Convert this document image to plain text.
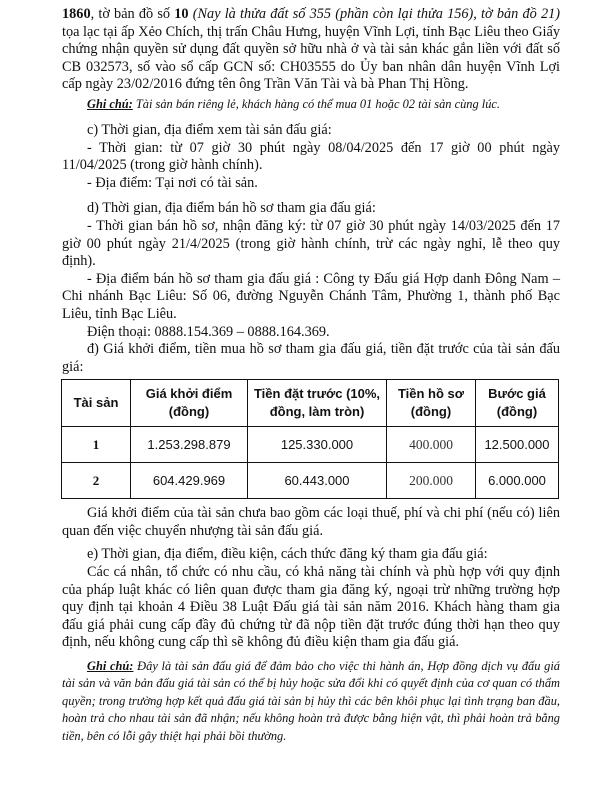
1860, tờ bản đồ số 10 (Nay là thửa đất số 355 (phần còn lại thửa 156), tờ bản đồ 21) tọa lạc tại ấp Xẻo Chích, thị trấn Châu Hưng, huyện Vĩnh Lợi, tỉnh Bạc Liêu theo Giấy chứng nhận quyền sử dụng đất quyền sở hữu nhà ở và tài sản khác gắn liền với đất số CB 032573, số vào sổ cấp GCN số: CH03555 do Ủy ban nhân dân huyện Vĩnh Lợi cấp ngày 23/02/2016 đứng tên ông Trần Văn Tài và bà Phan Thị Hồng.

Ghi chú: Tài sản bán riêng lẻ, khách hàng có thể mua 01 hoặc 02 tài sản cùng lúc.

c) Thời gian, địa điểm xem tài sản đấu giá:

- Thời gian: từ 07 giờ 30 phút ngày 08/04/2025 đến 17 giờ 00 phút ngày 11/04/2025 (trong giờ hành chính).

- Địa điểm: Tại nơi có tài sản.

d) Thời gian, địa điểm bán hồ sơ tham gia đấu giá:

- Thời gian bán hồ sơ, nhận đăng ký: từ 07 giờ 30 phút ngày 14/03/2025 đến 17 giờ 00 phút ngày 21/4/2025 (trong giờ hành chính, trừ các ngày nghỉ, lễ theo quy định).

- Địa điểm bán hồ sơ tham gia đấu giá : Công ty Đấu giá Hợp danh Đông Nam – Chi nhánh Bạc Liêu: Số 06, đường Nguyễn Chánh Tâm, Phường 1, thành phố Bạc Liêu, tỉnh Bạc Liêu.

Điện thoại: 0888.154.369 – 0888.164.369.

đ) Giá khởi điểm, tiền mua hồ sơ tham gia đấu giá, tiền đặt trước của tài sản đấu giá:

Tài sản	Giá khởi điểm (đồng)	Tiền đặt trước (10%, đồng, làm tròn)	Tiền hồ sơ (đồng)	Bước giá (đồng)
1	1.253.298.879	125.330.000	400.000	12.500.000
2	604.429.969	60.443.000	200.000	6.000.000

Giá khởi điểm của tài sản chưa bao gồm các loại thuế, phí và chi phí (nếu có) liên quan đến việc chuyển nhượng tài sản đấu giá.

e) Thời gian, địa điểm, điều kiện, cách thức đăng ký tham gia đấu giá:

Các cá nhân, tổ chức có nhu cầu, có khả năng tài chính và phù hợp với quy định của pháp luật khác có liên quan được tham gia đăng ký, ngoại trừ những trường hợp quy định tại khoản 4 Điều 38 Luật Đấu giá tài sản năm 2016. Khách hàng tham gia đấu giá phải cung cấp đầy đủ chứng từ đã nộp tiền đặt trước đúng thời hạn theo quy định, nếu không cung cấp thì sẽ không đủ điều kiện tham gia đấu giá.

Ghi chú: Đây là tài sản đấu giá để đảm bảo cho việc thi hành án, Hợp đồng dịch vụ đấu giá tài sản và văn bản đấu giá tài sản có thể bị hủy hoặc sửa đổi khi có quyết định của cơ quan có thẩm quyền; trong trường hợp kết quả đấu giá tài sản bị hủy thì các bên khôi phục lại tình trạng ban đầu, hoàn trả cho nhau tài sản đã nhận; nếu không hoàn trả được bằng hiện vật, thì phải hoàn trả bằng tiền, bên có lỗi gây thiệt hại phải bồi thường.
